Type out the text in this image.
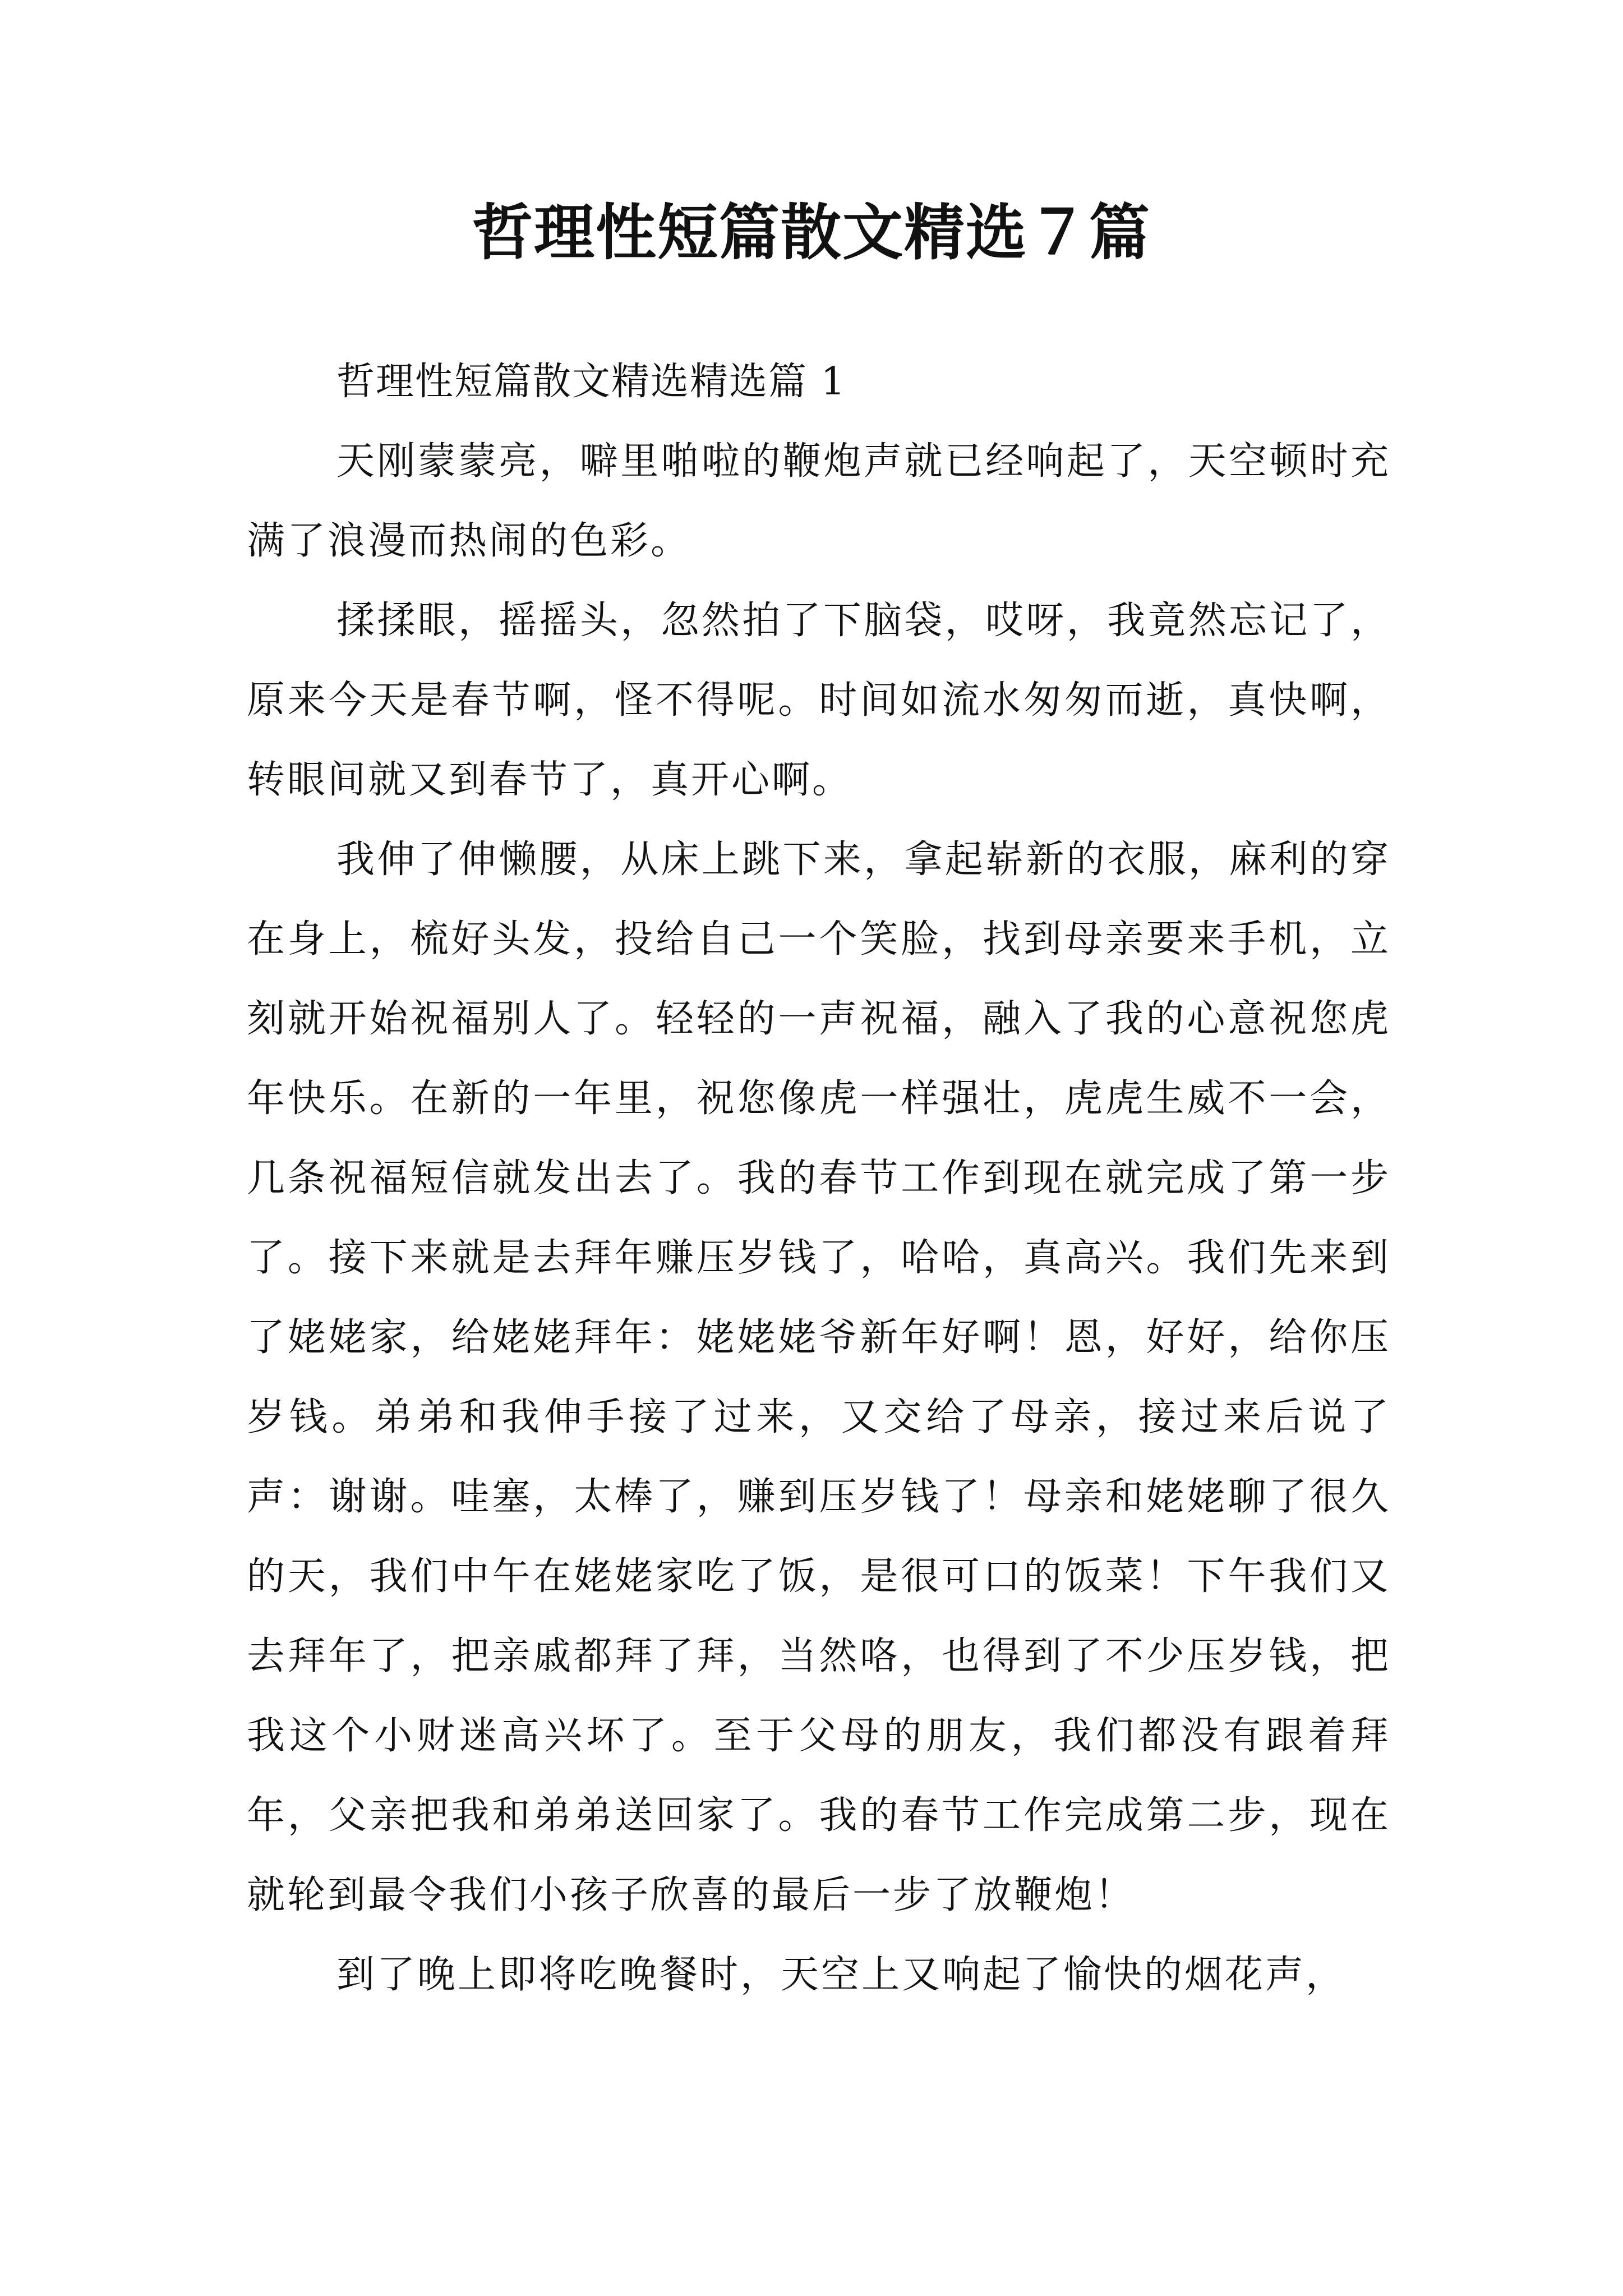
哲理性短篇散文精选７篇

哲理性短篇散文精选精选篇 1

天刚蒙蒙亮，噼里啪啦的鞭炮声就已经响起了，天空顿时充满了浪漫而热闹的色彩。

揉揉眼，摇摇头，忽然拍了下脑袋，哎呀，我竟然忘记了，原来今天是春节啊，怪不得呢。时间如流水匆匆而逝，真快啊，转眼间就又到春节了，真开心啊。

我伸了伸懒腰，从床上跳下来，拿起崭新的衣服，麻利的穿在身上，梳好头发，投给自己一个笑脸，找到母亲要来手机，立刻就开始祝福别人了。轻轻的一声祝福，融入了我的心意祝您虎年快乐。在新的一年里，祝您像虎一样强壮，虎虎生威不一会，几条祝福短信就发出去了。我的春节工作到现在就完成了第一步了。接下来就是去拜年赚压岁钱了，哈哈，真高兴。我们先来到了姥姥家，给姥姥拜年：姥姥姥爷新年好啊！恩，好好，给你压岁钱。弟弟和我伸手接了过来，又交给了母亲，接过来后说了声：谢谢。哇塞，太棒了，赚到压岁钱了！母亲和姥姥聊了很久的天，我们中午在姥姥家吃了饭，是很可口的饭菜！下午我们又去拜年了，把亲戚都拜了拜，当然咯，也得到了不少压岁钱，把我这个小财迷高兴坏了。至于父母的朋友，我们都没有跟着拜年，父亲把我和弟弟送回家了。我的春节工作完成第二步，现在就轮到最令我们小孩子欣喜的最后一步了放鞭炮！

到了晚上即将吃晚餐时，天空上又响起了愉快的烟花声，
